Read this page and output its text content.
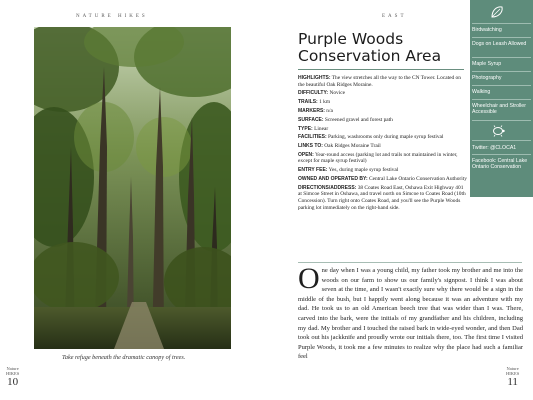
NATURE HIKES	EAST
Take refuge beneath the dramatic canopy of trees.
Nature
HIKES
10
Nature
HIKES
11
Purple Woods
Conservation Area
HIGHLIGHTS: The view stretches all the way to the CN Tower. Located on the beautiful Oak Ridges Moraine.
DIFFICULTY: Novice
TRAILS: 1 km
MARKERS: n/a
SURFACE: Screened gravel and forest path
TYPE: Linear
FACILITIES: Parking, washrooms only during maple syrup festival
LINKS TO: Oak Ridges Moraine Trail
OPEN: Year-round access (parking lot and trails not maintained in winter, except for maple syrup festival)
ENTRY FEE: Yes, during maple syrup festival
OWNED AND OPERATED BY: Central Lake Ontario Conservation Authority
DIRECTIONS/ADDRESS: 38 Coates Road East, Oshawa Exit Highway 401 at Simcoe Street in Oshawa, and travel north on Simcoe to Coates Road (10th Concession). Turn right onto Coates Road, and you'll see the Purple Woods parking lot immediately on the right-hand side.
One day when I was a young child, my father took my brother and me into the woods on our farm to show us our family's signpost. I think I was about seven at the time, and I wasn't exactly sure why there would be a sign in the middle of the bush, but I happily went along because it was an adventure with my dad. He took us to an old American beech tree that was wider than I was. There, carved into the bark, were the initials of my grandfather and his children, including my dad. My brother and I touched the raised bark in wide-eyed wonder, and then Dad took out his jackknife and proudly wrote our initials there, too. The first time I visited Purple Woods, it took me a few minutes to realize why the place had such a familiar feel
Birdwatching
Dogs on Leash Allowed
Maple Syrup
Photography
Walking
Wheelchair and Stroller Accessible
Twitter: @CLOCA1
Facebook: Central Lake Ontario Conservation
